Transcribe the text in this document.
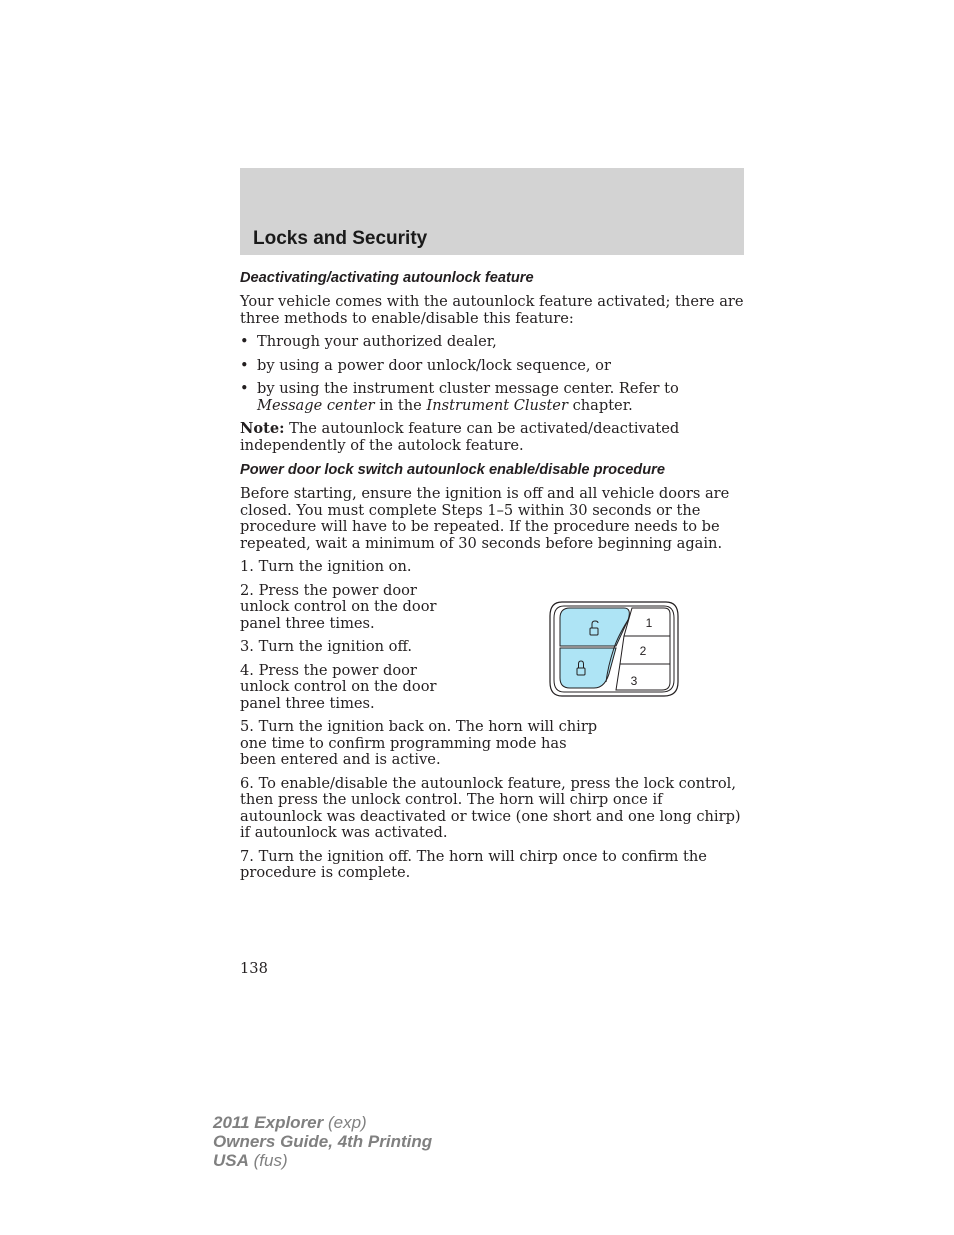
Locks and Security
Deactivating/activating autounlock feature

Your vehicle comes with the autounlock feature activated; there are three methods to enable/disable this feature:

• Through your authorized dealer,
• by using a power door unlock/lock sequence, or
• by using the instrument cluster message center. Refer to Message center in the Instrument Cluster chapter.

Note: The autounlock feature can be activated/deactivated independently of the autolock feature.

Power door lock switch autounlock enable/disable procedure

Before starting, ensure the ignition is off and all vehicle doors are closed. You must complete Steps 1–5 within 30 seconds or the procedure will have to be repeated. If the procedure needs to be repeated, wait a minimum of 30 seconds before beginning again.

1. Turn the ignition on.

2. Press the power door unlock control on the door panel three times.

3. Turn the ignition off.

4. Press the power door unlock control on the door panel three times.

5. Turn the ignition back on. The horn will chirp one time to confirm programming mode has been entered and is active.

6. To enable/disable the autounlock feature, press the lock control, then press the unlock control. The horn will chirp once if autounlock was deactivated or twice (one short and one long chirp) if autounlock was activated.

7. Turn the ignition off. The horn will chirp once to confirm the procedure is complete.

1
2
3
138
2011 Explorer (exp)
Owners Guide, 4th Printing
USA (fus)
